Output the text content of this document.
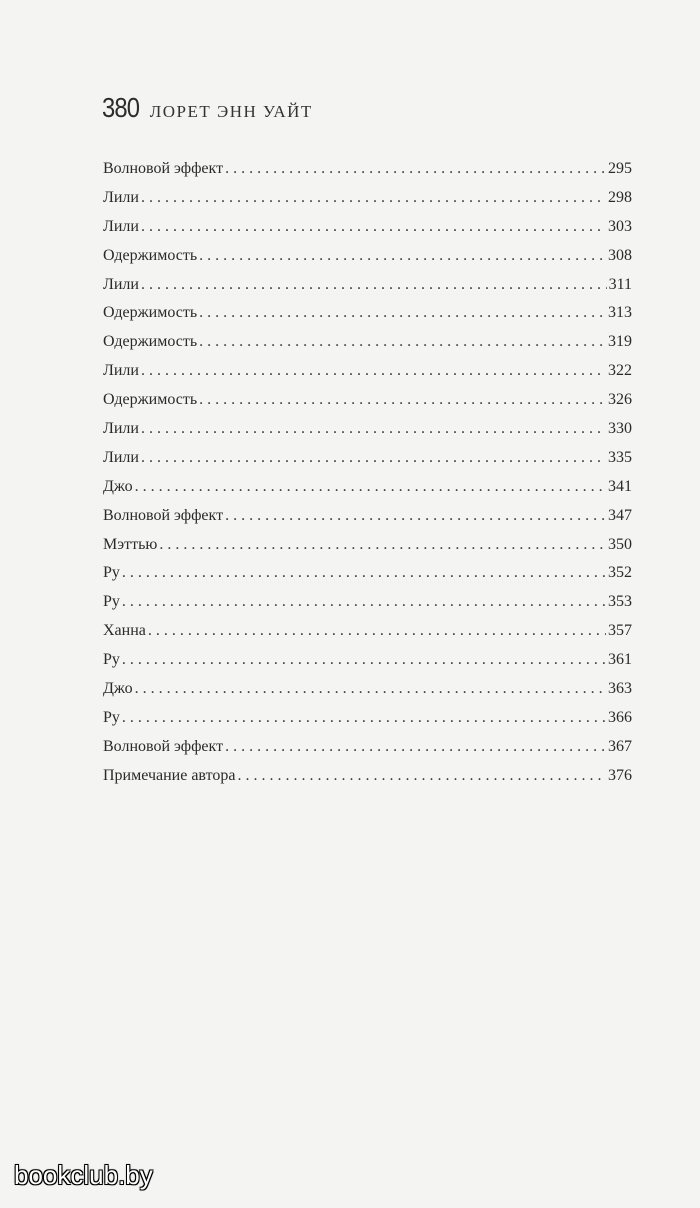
380 ЛОРЕТ ЭНН УАЙТ
Волновой эффект . . .	295
Лили . . .	298
Лили . . .	303
Одержимость . . .	308
Лили . . .	311
Одержимость . . .	313
Одержимость . . .	319
Лили . . .	322
Одержимость . . .	326
Лили . . .	330
Лили . . .	335
Джо . . .	341
Волновой эффект . . .	347
Мэттью . . .	350
Ру . . .	352
Ру . . .	353
Ханна . . .	357
Ру . . .	361
Джо . . .	363
Ру . . .	366
Волновой эффект . . .	367
Примечание автора . . .	376
bookclub.by
